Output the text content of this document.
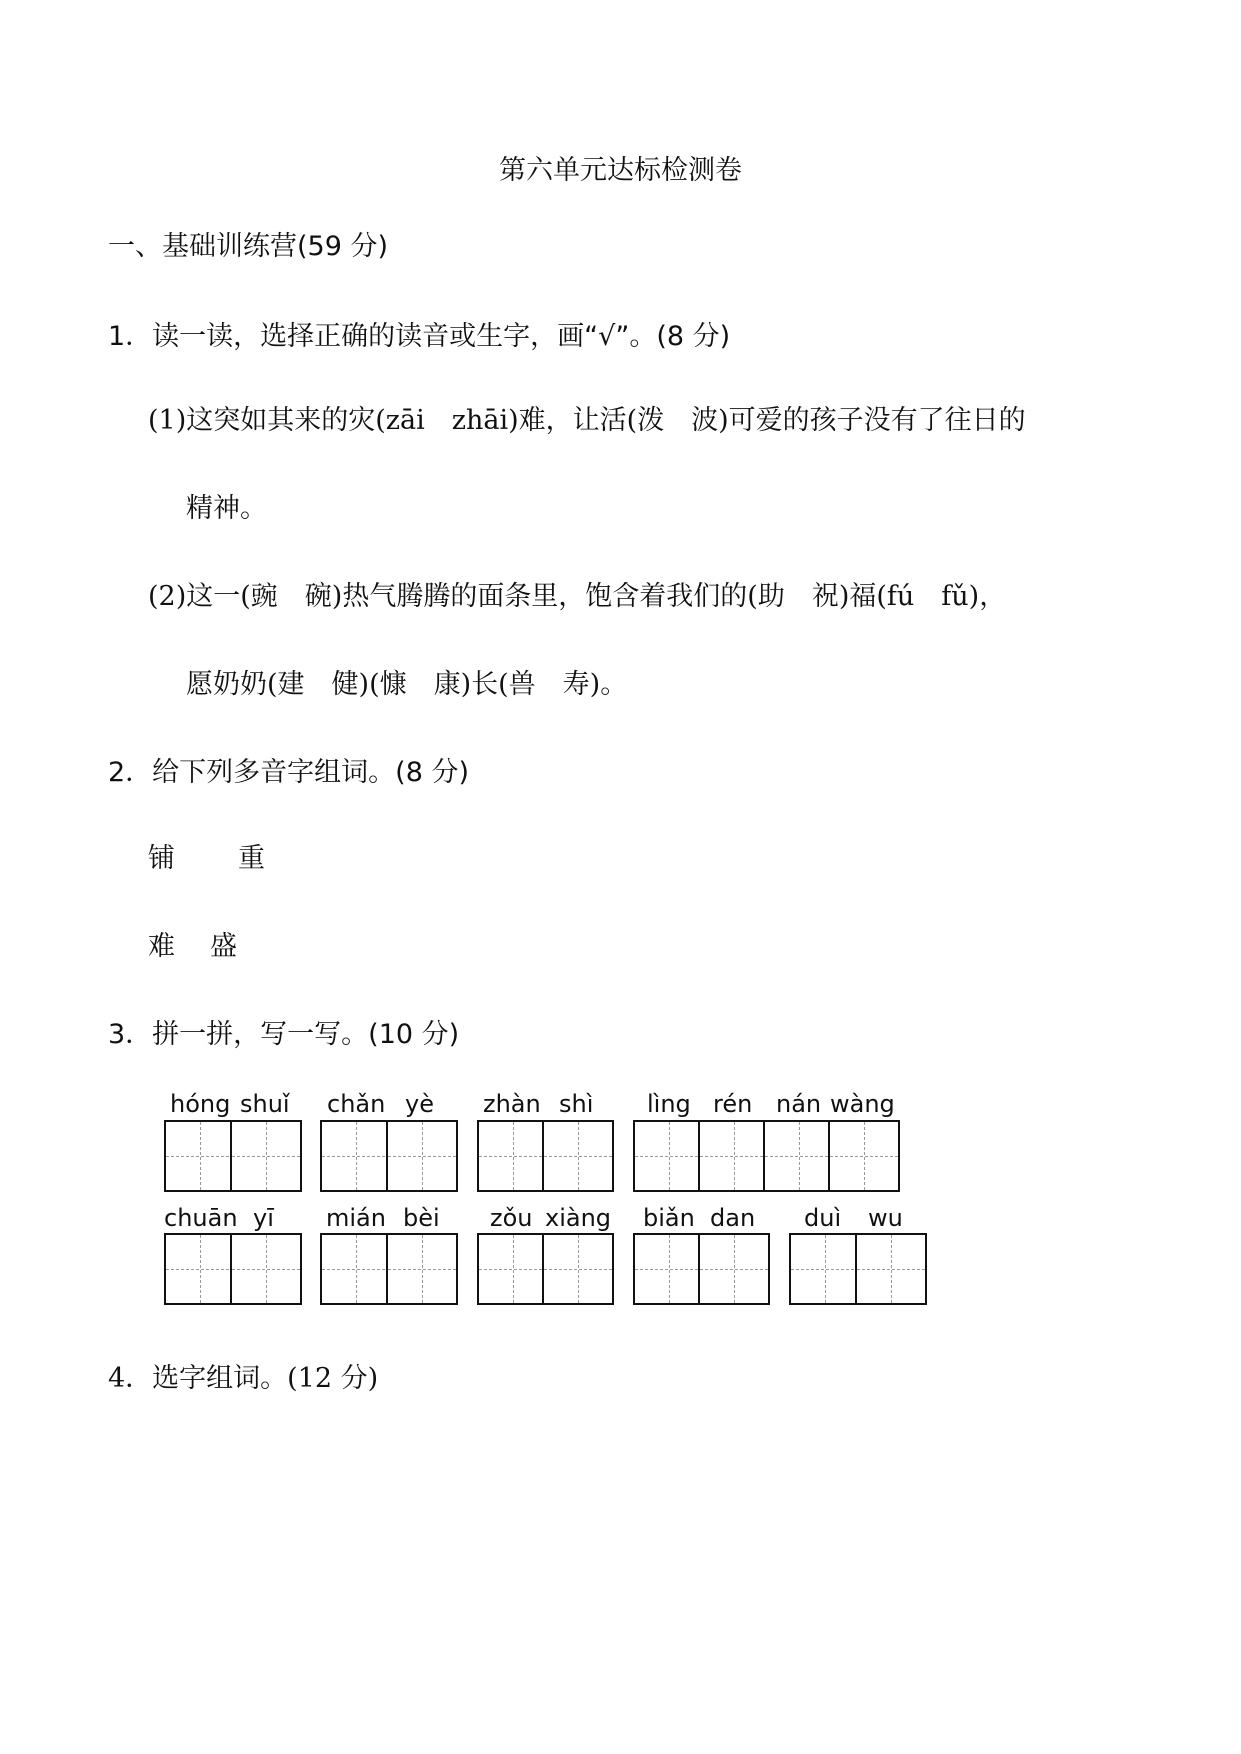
第六单元达标检测卷
一、基础训练营(59 分)
1．读一读，选择正确的读音或生字，画“√”。(8 分)
(1)这突如其来的灾(zāi　zhāi)难，让活(泼　波)可爱的孩子没有了往日的
精神。
(2)这一(豌　碗)热气腾腾的面条里，饱含着我们的(助　祝)福(fú　fǔ)，
愿奶奶(建　健)(慷　康)长(兽　寿)。
2．给下列多音字组词。(8 分)
铺 重
难 盛
3．拼一拼，写一写。(10 分)
hóng shuǐ chǎn yè zhàn shì lìng rén nán wàng
chuān yī mián bèi zǒu xiàng biǎn dan duì wu
4．选字组词。(12 分)
